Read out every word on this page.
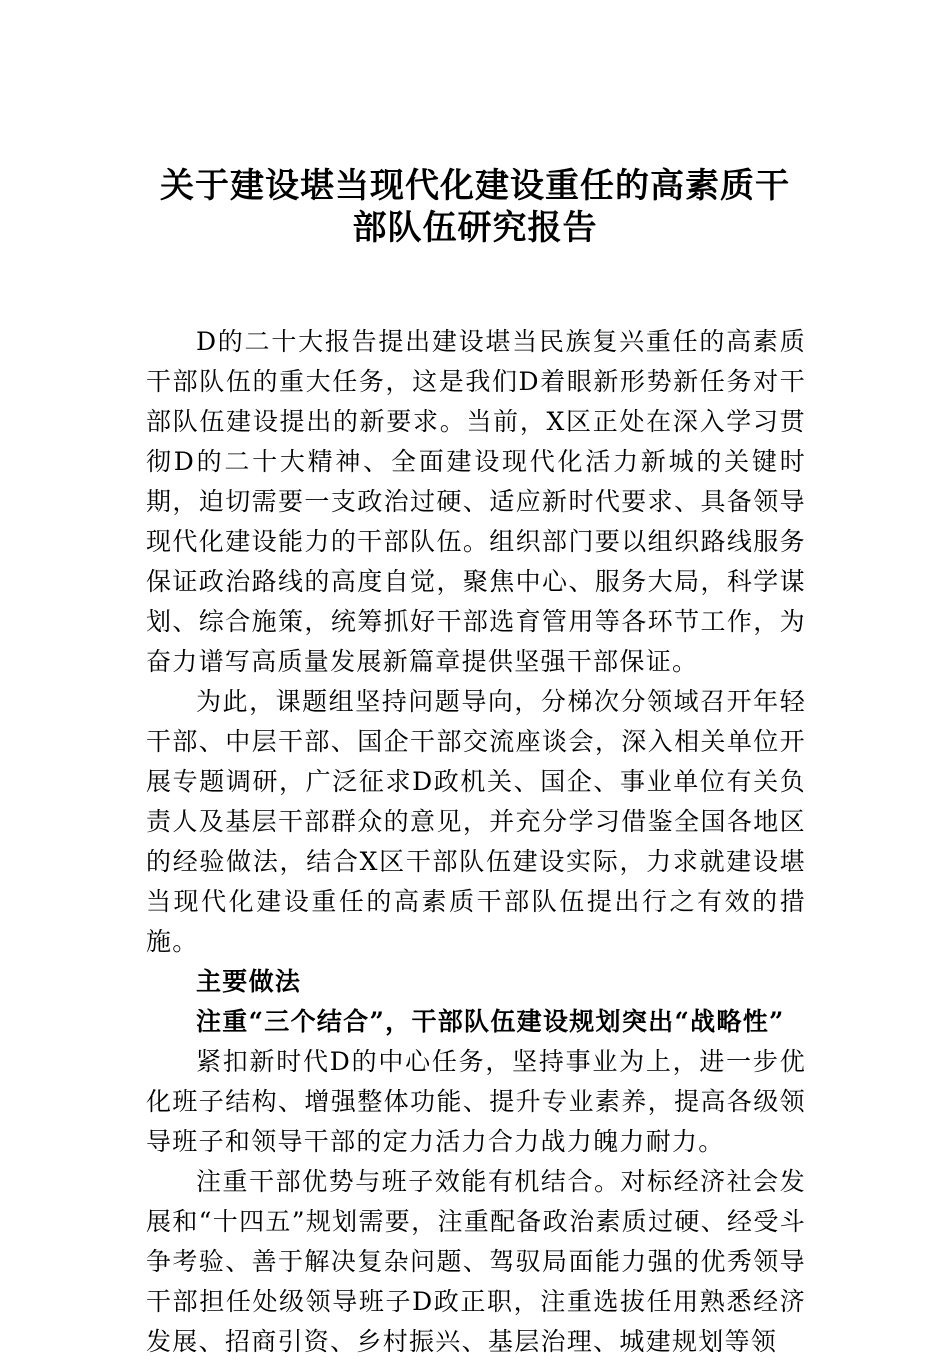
关于建设堪当现代化建设重任的高素质干
部队伍研究报告

D的二十大报告提出建设堪当民族复兴重任的高素质干部队伍的重大任务，这是我们D着眼新形势新任务对干部队伍建设提出的新要求。当前，X区正处在深入学习贯彻D的二十大精神、全面建设现代化活力新城的关键时期，迫切需要一支政治过硬、适应新时代要求、具备领导现代化建设能力的干部队伍。组织部门要以组织路线服务保证政治路线的高度自觉，聚焦中心、服务大局，科学谋划、综合施策，统筹抓好干部选育管用等各环节工作，为奋力谱写高质量发展新篇章提供坚强干部保证。

为此，课题组坚持问题导向，分梯次分领域召开年轻干部、中层干部、国企干部交流座谈会，深入相关单位开展专题调研，广泛征求D政机关、国企、事业单位有关负责人及基层干部群众的意见，并充分学习借鉴全国各地区的经验做法，结合X区干部队伍建设实际，力求就建设堪当现代化建设重任的高素质干部队伍提出行之有效的措施。

主要做法

注重“三个结合”，干部队伍建设规划突出“战略性”

紧扣新时代D的中心任务，坚持事业为上，进一步优化班子结构、增强整体功能、提升专业素养，提高各级领导班子和领导干部的定力活力合力战力魄力耐力。

注重干部优势与班子效能有机结合。对标经济社会发展和“十四五”规划需要，注重配备政治素质过硬、经受斗争考验、善于解决复杂问题、驾驭局面能力强的优秀领导干部担任处级领导班子D政正职，注重选拔任用熟悉经济发展、招商引资、乡村振兴、基层治理、城建规划等领
